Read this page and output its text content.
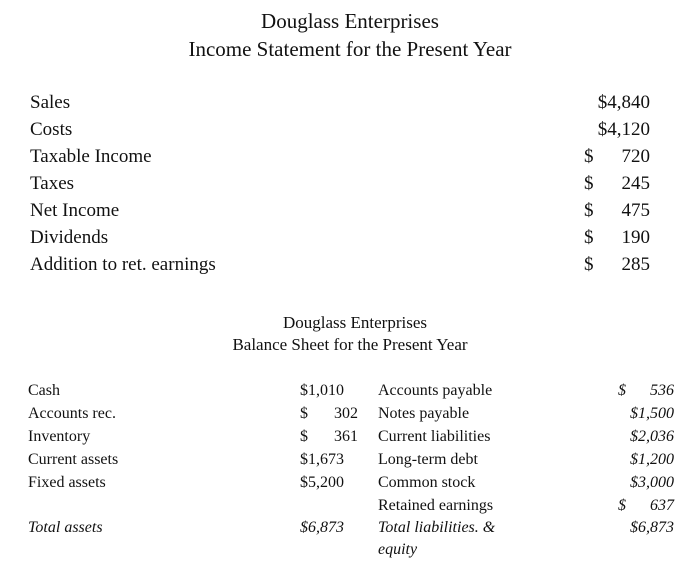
Douglass Enterprises
Income Statement for the Present Year
Sales	$4,840
Costs	$4,120
Taxable Income	$ 720
Taxes	$ 245
Net Income	$ 475
Dividends	$ 190
Addition to ret. earnings	$ 285
Douglass Enterprises
Balance Sheet for the Present Year
Cash	$1,010
Accounts rec.	$ 302
Inventory	$ 361
Current assets	$1,673
Fixed assets	$5,200
Total assets	$6,873
Accounts payable	$ 536
Notes payable	$1,500
Current liabilities	$2,036
Long-term debt	$1,200
Common stock	$3,000
Retained earnings	$ 637
Total liabilities. &
equity
$6,873
